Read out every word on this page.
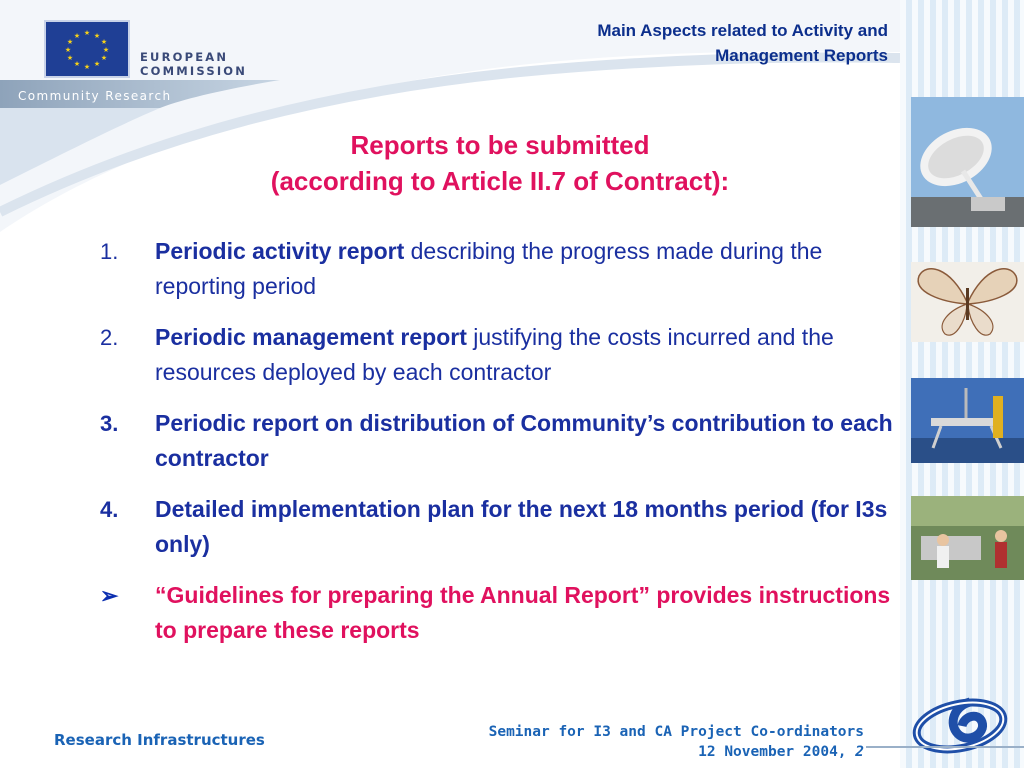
★ ★
★
★
★
★
★
★
★
★
★
★
EUROPEAN
COMMISSION
Community Research
Main Aspects related to Activity and
Management Reports
Reports to be submitted
(according to Article II.7 of Contract):
1.	Periodic activity report describing the progress made during the reporting period
2.	Periodic management report justifying the costs incurred and the resources deployed by each contractor
3.	Periodic report on distribution of Community’s contribution to each contractor
4.	Detailed implementation plan for the next 18 months period (for I3s only)
➢	“Guidelines for preparing the Annual Report” provides instructions to prepare these reports
Research Infrastructures	Seminar for I3 and CA Project Co-ordinators
12 November 2004, 2
